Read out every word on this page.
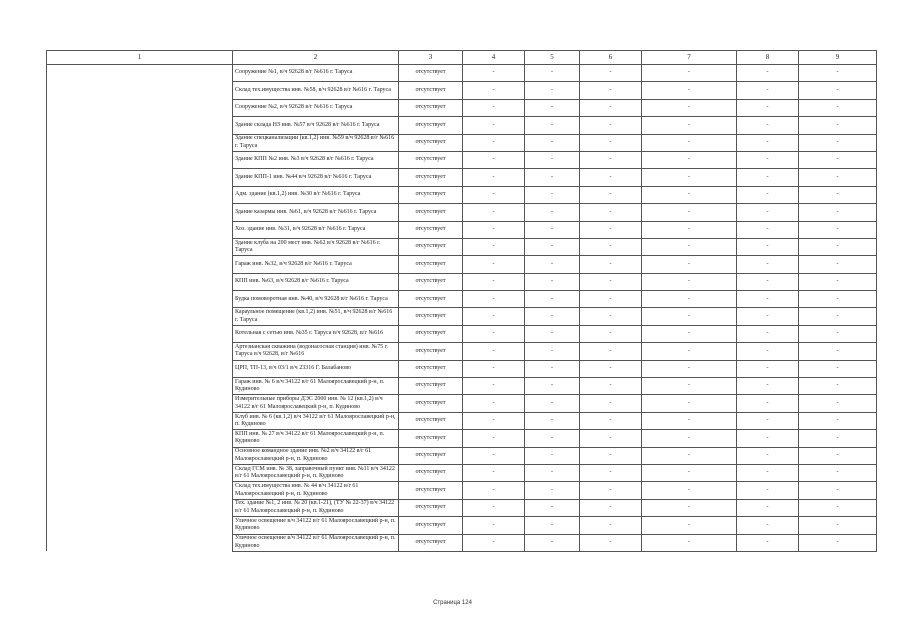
1	2	3	4	5	6	7	8	9
	Сооружение №1, в/ч 92628 в/г №616 г. Таруса	отсутствует	-	-	-	-	-	-
	Склад тех.имущества инв. №58, в/ч 92628 в/г №616 г. Таруса	отсутствует	-	-	-	-	-	-
	Сооружение №2, в/ч 92628 в/г №616 г. Таруса	отсутствует	-	-	-	-	-	-
	Здание склада НЗ инв. №57 в/ч 92628 в/г №616 г. Таруса	отсутствует	-	-	-	-	-	-
	Здание спецканализации (кв.1,2) инв. №59 в/ч 92628 в/г №616 г. Таруса	отсутствует	-	-	-	-	-	-
	Здание КПП №2 инв. №3 в/ч 92628 в/г №616 г. Таруса	отсутствует	-	-	-	-	-	-
	Здание КПП-1 инв. №44 в/ч 92628 в/г №616 г. Таруса	отсутствует	-	-	-	-	-	-
	Адм. здание (кв.1,2) инв. №30 в/г №616 г. Таруса	отсутствует	-	-	-	-	-	-
	Здание казармы инв. №61, в/ч 92628 в/г №616 г. Таруса	отсутствует	-	-	-	-	-	-
	Хоз. здание инв. №31, в/ч 92628 в/г №616 г. Таруса	отсутствует	-	-	-	-	-	-
	Здание клуба на 200 мест инв. №62 в/ч 92628 в/г №616 г. Таруса	отсутствует	-	-	-	-	-	-
	Гараж инв. №32, в/ч 92628 в/г №616 г. Таруса	отсутствует	-	-	-	-	-	-
	КПП инв. №63, в/ч 92628 в/г №616 г. Таруса	отсутствует	-	-	-	-	-	-
	Будка помоворотная инв. №40, в/ч 92628 в/г №616 г. Таруса	отсутствует	-	-	-	-	-	-
	Караульное помещение (кв.1,2) инв. №51, в/ч 92628 в/г №616 г. Таруса	отсутствует	-	-	-	-	-	-
	Котельная с сетью инв. №35 г. Таруса в/ч 92628, в/г №616	отсутствует	-	-	-	-	-	-
	Артезианская скважина (водонасосная станция) инв. №75 г. Таруса в/ч 92628, в/г №616	отсутствует	-	-	-	-	-	-
	ЦРП, ТП-13, в/ч 03/1 в/ч 23316 Г. Балабаново	отсутствует	-	-	-	-	-	-
	Гараж инв. № 6 в/ч 34122 в/г 61 Малоярославецкий р-н, п. Кудиново	отсутствует	-	-	-	-	-	-
	Измерительные приборы ДЭС 2000 инв. № 12 (кв.1,2) в/ч 34122 в/г 61 Малоярославецкий р-н, п. Кудиново	отсутствует	-	-	-	-	-	-
	Клуб инв. № 6 (кв.1,2) в/ч 34122 в/г 61 Малоярославецкий р-н, п. Кудиново	отсутствует	-	-	-	-	-	-
	КПП инв. № 27 в/ч 34122 в/г 61 Малоярославецкий р-н, п. Кудиново	отсутствует	-	-	-	-	-	-
	Основное командное здание инв. №2 в/ч 34122 в/г 61 Малоярославецкий р-н, п. Кудиново	отсутствует	-	-	-	-	-	-
	Склад ГСМ инв. № 38, заправочный пункт инв. №11 в/ч 34122 в/г 61 Малоярославецкий р-н, п. Кудиново	отсутствует	-	-	-	-	-	-
	Склад тех.имущества инв. № 44 в/ч 34122 в/г 61 Малоярославецкий р-н, п. Кудиново	отсутствует	-	-	-	-	-	-
	Тех. здание №1, 2 инв. № 20 (кв.1-21), (ТУ № 22-37) в/ч 34122 в/г 61 Малоярославецкий р-н, п. Кудиново	отсутствует	-	-	-	-	-	-
	Уличное освещение в/ч 34122 в/г 61 Малоярославецкий р-н, п. Кудиново	отсутствует	-	-	-	-	-	-
	Уличное освещение в/ч 34122 в/г 61 Малоярославецкий р-н, п. Кудиново	отсутствует	-	-	-	-	-	-
Страница 124
